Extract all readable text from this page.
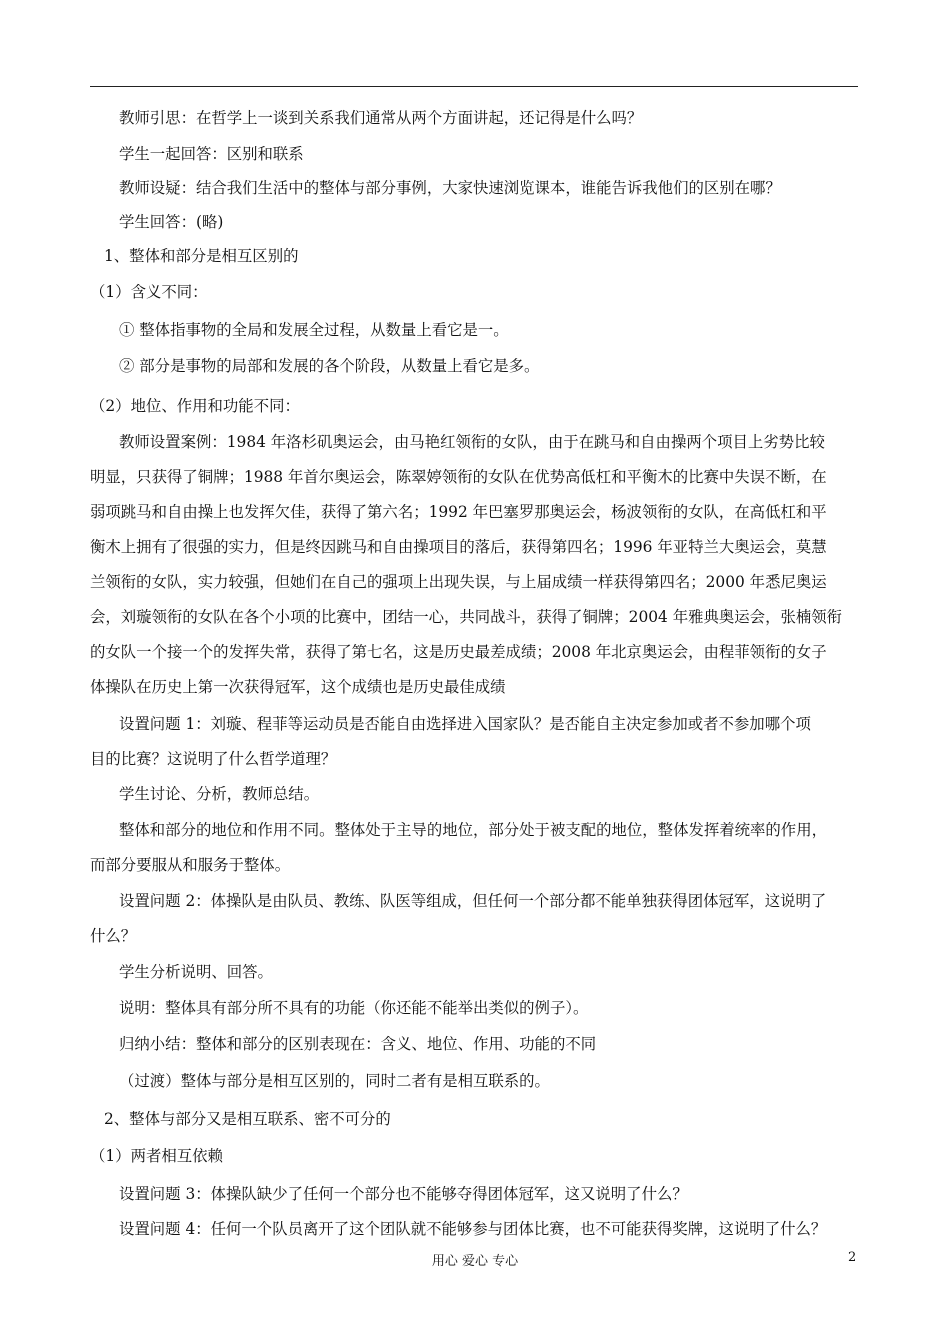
教师引思：在哲学上一谈到关系我们通常从两个方面讲起，还记得是什么吗？
学生一起回答：区别和联系
教师设疑：结合我们生活中的整体与部分事例，大家快速浏览课本，谁能告诉我他们的区别在哪？
学生回答：(略)
1、整体和部分是相互区别的
（1）含义不同：
① 整体指事物的全局和发展全过程，从数量上看它是一。
② 部分是事物的局部和发展的各个阶段，从数量上看它是多。
（2）地位、作用和功能不同：
教师设置案例：1984 年洛杉矶奥运会，由马艳红领衔的女队，由于在跳马和自由操两个项目上劣势比较
明显，只获得了铜牌；1988 年首尔奥运会，陈翠婷领衔的女队在优势高低杠和平衡木的比赛中失误不断，在
弱项跳马和自由操上也发挥欠佳，获得了第六名；1992 年巴塞罗那奥运会，杨波领衔的女队，在高低杠和平
衡木上拥有了很强的实力，但是终因跳马和自由操项目的落后，获得第四名；1996 年亚特兰大奥运会，莫慧
兰领衔的女队，实力较强，但她们在自己的强项上出现失误，与上届成绩一样获得第四名；2000 年悉尼奥运
会，刘璇领衔的女队在各个小项的比赛中，团结一心，共同战斗，获得了铜牌；2004 年雅典奥运会，张楠领衔
的女队一个接一个的发挥失常，获得了第七名，这是历史最差成绩；2008 年北京奥运会，由程菲领衔的女子
体操队在历史上第一次获得冠军，这个成绩也是历史最佳成绩
设置问题 1：刘璇、程菲等运动员是否能自由选择进入国家队？是否能自主决定参加或者不参加哪个项
目的比赛？这说明了什么哲学道理？
学生讨论、分析，教师总结。
整体和部分的地位和作用不同。整体处于主导的地位，部分处于被支配的地位，整体发挥着统率的作用，
而部分要服从和服务于整体。
设置问题 2：体操队是由队员、教练、队医等组成，但任何一个部分都不能单独获得团体冠军，这说明了
什么？
学生分析说明、回答。
说明：整体具有部分所不具有的功能（你还能不能举出类似的例子）。
归纳小结：整体和部分的区别表现在：含义、地位、作用、功能的不同
（过渡）整体与部分是相互区别的，同时二者有是相互联系的。
2、整体与部分又是相互联系、密不可分的
（1）两者相互依赖
设置问题 3：体操队缺少了任何一个部分也不能够夺得团体冠军，这又说明了什么？
设置问题 4：任何一个队员离开了这个团队就不能够参与团体比赛，也不可能获得奖牌，这说明了什么？
用心 爱心 专心	2
